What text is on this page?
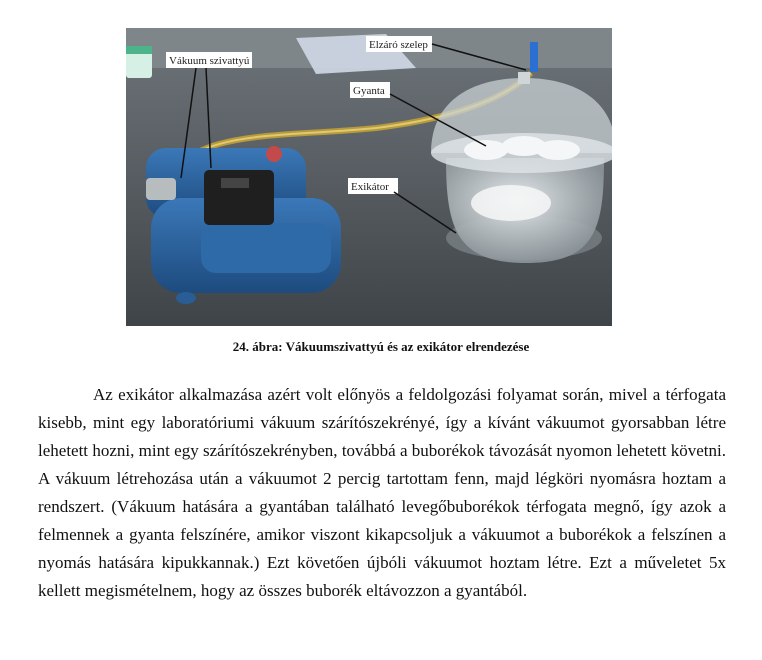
Vákuum szivattyú
Elzáró szelep
Gyanta
Exikátor
24. ábra: Vákuumszivattyú és az exikátor elrendezése

Az exikátor alkalmazása azért volt előnyös a feldolgozási folyamat során, mivel a térfogata kisebb, mint egy laboratóriumi vákuum szárítószekrényé, így a kívánt vákuumot gyorsabban létre lehetett hozni, mint egy szárítószekrényben, továbbá a buborékok távozását nyomon lehetett követni. A vákuum létrehozása után a vákuumot 2 percig tartottam fenn, majd légköri nyomásra hoztam a rendszert. (Vákuum hatására a gyantában található levegőbuborékok térfogata megnő, így azok a felmennek a gyanta felszínére, amikor viszont kikapcsoljuk a vákuumot a buborékok a felszínen a nyomás hatására kipukkannak.) Ezt követően újbóli vákuumot hoztam létre. Ezt a műveletet 5x kellett megismételnem, hogy az összes buborék eltávozzon a gyantából.
